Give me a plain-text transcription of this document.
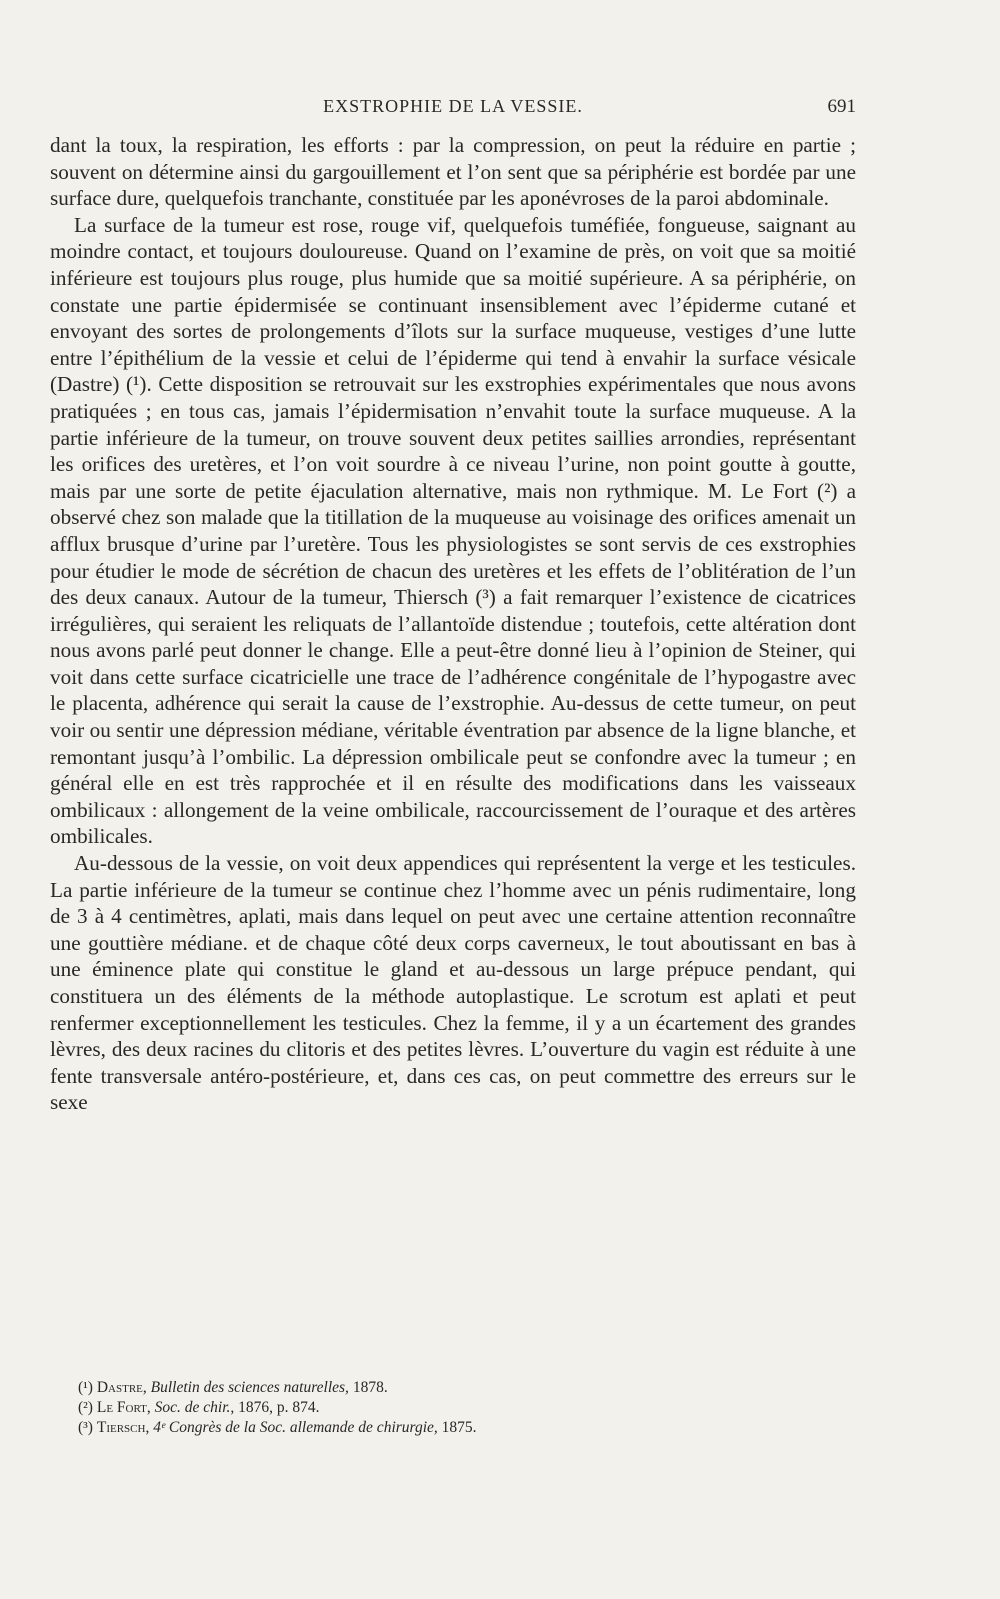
EXSTROPHIE DE LA VESSIE.	691

dant la toux, la respiration, les efforts : par la compression, on peut la réduire en partie ; souvent on détermine ainsi du gargouillement et l’on sent que sa périphérie est bordée par une surface dure, quelquefois tranchante, constituée par les aponévroses de la paroi abdominale.

La surface de la tumeur est rose, rouge vif, quelquefois tuméfiée, fongueuse, saignant au moindre contact, et toujours douloureuse. Quand on l’examine de près, on voit que sa moitié inférieure est toujours plus rouge, plus humide que sa moitié supérieure. A sa périphérie, on constate une partie épidermisée se continuant insensiblement avec l’épiderme cutané et envoyant des sortes de prolongements d’îlots sur la surface muqueuse, vestiges d’une lutte entre l’épithélium de la vessie et celui de l’épiderme qui tend à envahir la surface vésicale (Dastre) (¹). Cette disposition se retrouvait sur les exstrophies expérimentales que nous avons pratiquées ; en tous cas, jamais l’épidermisation n’envahit toute la surface muqueuse. A la partie inférieure de la tumeur, on trouve souvent deux petites saillies arrondies, représentant les orifices des uretères, et l’on voit sourdre à ce niveau l’urine, non point goutte à goutte, mais par une sorte de petite éjaculation alternative, mais non rythmique. M. Le Fort (²) a observé chez son malade que la titillation de la muqueuse au voisinage des orifices amenait un afflux brusque d’urine par l’uretère. Tous les physiologistes se sont servis de ces exstrophies pour étudier le mode de sécrétion de chacun des uretères et les effets de l’oblitération de l’un des deux canaux. Autour de la tumeur, Thiersch (³) a fait remarquer l’existence de cicatrices irrégulières, qui seraient les reliquats de l’allantoïde distendue ; toutefois, cette altération dont nous avons parlé peut donner le change. Elle a peut-être donné lieu à l’opinion de Steiner, qui voit dans cette surface cicatricielle une trace de l’adhérence congénitale de l’hypogastre avec le placenta, adhérence qui serait la cause de l’exstrophie. Au-dessus de cette tumeur, on peut voir ou sentir une dépression médiane, véritable éventration par absence de la ligne blanche, et remontant jusqu’à l’ombilic. La dépression ombilicale peut se confondre avec la tumeur ; en général elle en est très rapprochée et il en résulte des modifications dans les vaisseaux ombilicaux : allongement de la veine ombilicale, raccourcissement de l’ouraque et des artères ombilicales.

Au-dessous de la vessie, on voit deux appendices qui représentent la verge et les testicules. La partie inférieure de la tumeur se continue chez l’homme avec un pénis rudimentaire, long de 3 à 4 centimètres, aplati, mais dans lequel on peut avec une certaine attention reconnaître une gouttière médiane. et de chaque côté deux corps caverneux, le tout aboutissant en bas à une éminence plate qui constitue le gland et au-dessous un large prépuce pendant, qui constituera un des éléments de la méthode autoplastique. Le scrotum est aplati et peut renfermer exceptionnellement les testicules. Chez la femme, il y a un écartement des grandes lèvres, des deux racines du clitoris et des petites lèvres. L’ouverture du vagin est réduite à une fente transversale antéro-postérieure, et, dans ces cas, on peut commettre des erreurs sur le sexe

(¹) Dastre, Bulletin des sciences naturelles, 1878.

(²) Le Fort, Soc. de chir., 1876, p. 874.

(³) Tiersch, 4ᵉ Congrès de la Soc. allemande de chirurgie, 1875.
